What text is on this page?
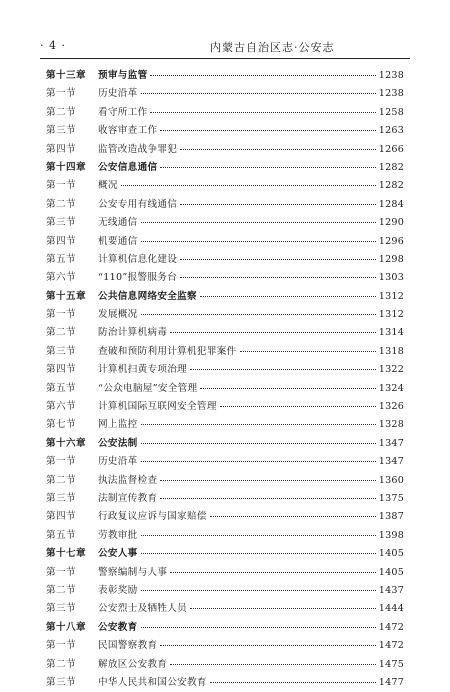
· 4 ·	内蒙古自治区志·公安志
第十三章	预审与监管	1238
第一节	历史沿革	1238
第二节	看守所工作	1258
第三节	收容审查工作	1263
第四节	监管改造战争罪犯	1266
第十四章	公安信息通信	1282
第一节	概况	1282
第二节	公安专用有线通信	1284
第三节	无线通信	1290
第四节	机要通信	1296
第五节	计算机信息化建设	1298
第六节	“110”报警服务台	1303
第十五章	公共信息网络安全监察	1312
第一节	发展概况	1312
第二节	防治计算机病毒	1314
第三节	查破和预防利用计算机犯罪案件	1318
第四节	计算机扫黄专项治理	1322
第五节	“公众电脑屋”安全管理	1324
第六节	计算机国际互联网安全管理	1326
第七节	网上监控	1328
第十六章	公安法制	1347
第一节	历史沿革	1347
第二节	执法监督检查	1360
第三节	法制宣传教育	1375
第四节	行政复议应诉与国家赔偿	1387
第五节	劳教审批	1398
第十七章	公安人事	1405
第一节	警察编制与人事	1405
第二节	表彰奖励	1437
第三节	公安烈士及牺牲人员	1444
第十八章	公安教育	1472
第一节	民国警察教育	1472
第二节	解放区公安教育	1475
第三节	中华人民共和国公安教育	1477
